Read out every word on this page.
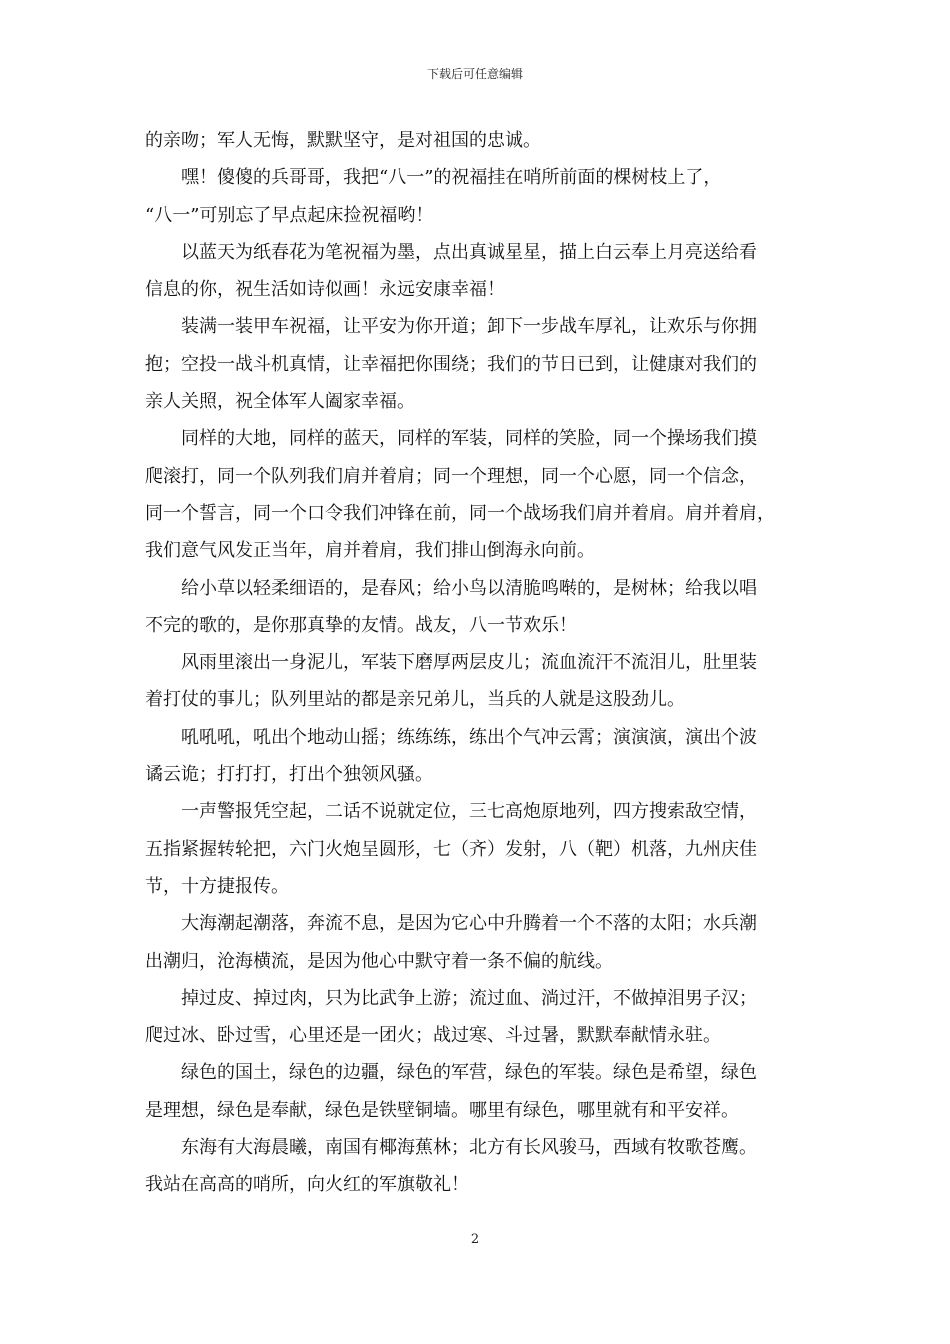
下载后可任意编辑
的亲吻；军人无悔，默默坚守，是对祖国的忠诚。
嘿！傻傻的兵哥哥，我把“八一”的祝福挂在哨所前面的棵树枝上了，
“八一”可别忘了早点起床捡祝福哟！
以蓝天为纸春花为笔祝福为墨，点出真诚星星，描上白云奉上月亮送给看
信息的你，祝生活如诗似画！永远安康幸福！
装满一装甲车祝福，让平安为你开道；卸下一步战车厚礼，让欢乐与你拥
抱；空投一战斗机真情，让幸福把你围绕；我们的节日已到，让健康对我们的
亲人关照，祝全体军人阖家幸福。
同样的大地，同样的蓝天，同样的军装，同样的笑脸，同一个操场我们摸
爬滚打，同一个队列我们肩并着肩；同一个理想，同一个心愿，同一个信念，
同一个誓言，同一个口令我们冲锋在前，同一个战场我们肩并着肩。肩并着肩，
我们意气风发正当年，肩并着肩，我们排山倒海永向前。
给小草以轻柔细语的，是春风；给小鸟以清脆鸣啭的，是树林；给我以唱
不完的歌的，是你那真挚的友情。战友，八一节欢乐！
风雨里滚出一身泥儿，军装下磨厚两层皮儿；流血流汗不流泪儿，肚里装
着打仗的事儿；队列里站的都是亲兄弟儿，当兵的人就是这股劲儿。
吼吼吼，吼出个地动山摇；练练练，练出个气冲云霄；演演演，演出个波
谲云诡；打打打，打出个独领风骚。
一声警报凭空起，二话不说就定位，三七高炮原地列，四方搜索敌空情，
五指紧握转轮把，六门火炮呈圆形，七（齐）发射，八（靶）机落，九州庆佳
节，十方捷报传。
大海潮起潮落，奔流不息，是因为它心中升腾着一个不落的太阳；水兵潮
出潮归，沧海横流，是因为他心中默守着一条不偏的航线。
掉过皮、掉过肉，只为比武争上游；流过血、淌过汗，不做掉泪男子汉；
爬过冰、卧过雪，心里还是一团火；战过寒、斗过暑，默默奉献情永驻。
绿色的国土，绿色的边疆，绿色的军营，绿色的军装。绿色是希望，绿色
是理想，绿色是奉献，绿色是铁壁铜墙。哪里有绿色，哪里就有和平安祥。
东海有大海晨曦，南国有椰海蕉林；北方有长风骏马，西域有牧歌苍鹰。
我站在高高的哨所，向火红的军旗敬礼！
2
